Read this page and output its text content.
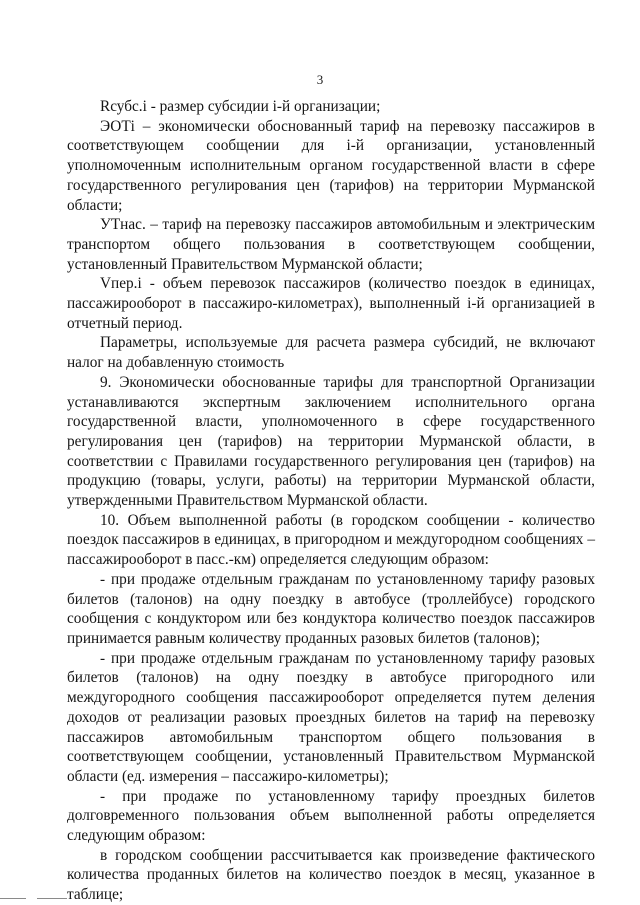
3

Rсубс.i - размер субсидии i-й организации;

ЭОТi – экономически обоснованный тариф на перевозку пассажиров в соответствующем сообщении для i-й организации, установленный уполномоченным исполнительным органом государственной власти в сфере государственного регулирования цен (тарифов) на территории Мурманской области;

УТнас. – тариф на перевозку пассажиров автомобильным и электрическим транспортом общего пользования в соответствующем сообщении, установленный Правительством Мурманской области;

Vпер.i - объем перевозок пассажиров (количество поездок в единицах, пассажирооборот в пассажиро-километрах), выполненный i-й организацией в отчетный период.

Параметры, используемые для расчета размера субсидий, не включают налог на добавленную стоимость

9. Экономически обоснованные тарифы для транспортной Организации устанавливаются экспертным заключением исполнительного органа государственной власти, уполномоченного в сфере государственного регулирования цен (тарифов) на территории Мурманской области, в соответствии с Правилами государственного регулирования цен (тарифов) на продукцию (товары, услуги, работы) на территории Мурманской области, утвержденными Правительством Мурманской области.

10. Объем выполненной работы (в городском сообщении - количество поездок пассажиров в единицах, в пригородном и междугородном сообщениях – пассажирооборот в пасс.-км) определяется следующим образом:

- при продаже отдельным гражданам по установленному тарифу разовых билетов (талонов) на одну поездку в автобусе (троллейбусе) городского сообщения с кондуктором или без кондуктора количество поездок пассажиров принимается равным количеству проданных разовых билетов (талонов);

- при продаже отдельным гражданам по установленному тарифу разовых билетов (талонов) на одну поездку в автобусе пригородного или междугородного сообщения пассажирооборот определяется путем деления доходов от реализации разовых проездных билетов на тариф на перевозку пассажиров автомобильным транспортом общего пользования в соответствующем сообщении, установленный Правительством Мурманской области (ед. измерения – пассажиро-километры);

- при продаже по установленному тарифу проездных билетов долговременного пользования объем выполненной работы определяется следующим образом:

в городском сообщении рассчитывается как произведение фактического количества проданных билетов на количество поездок в месяц, указанное в таблице;
